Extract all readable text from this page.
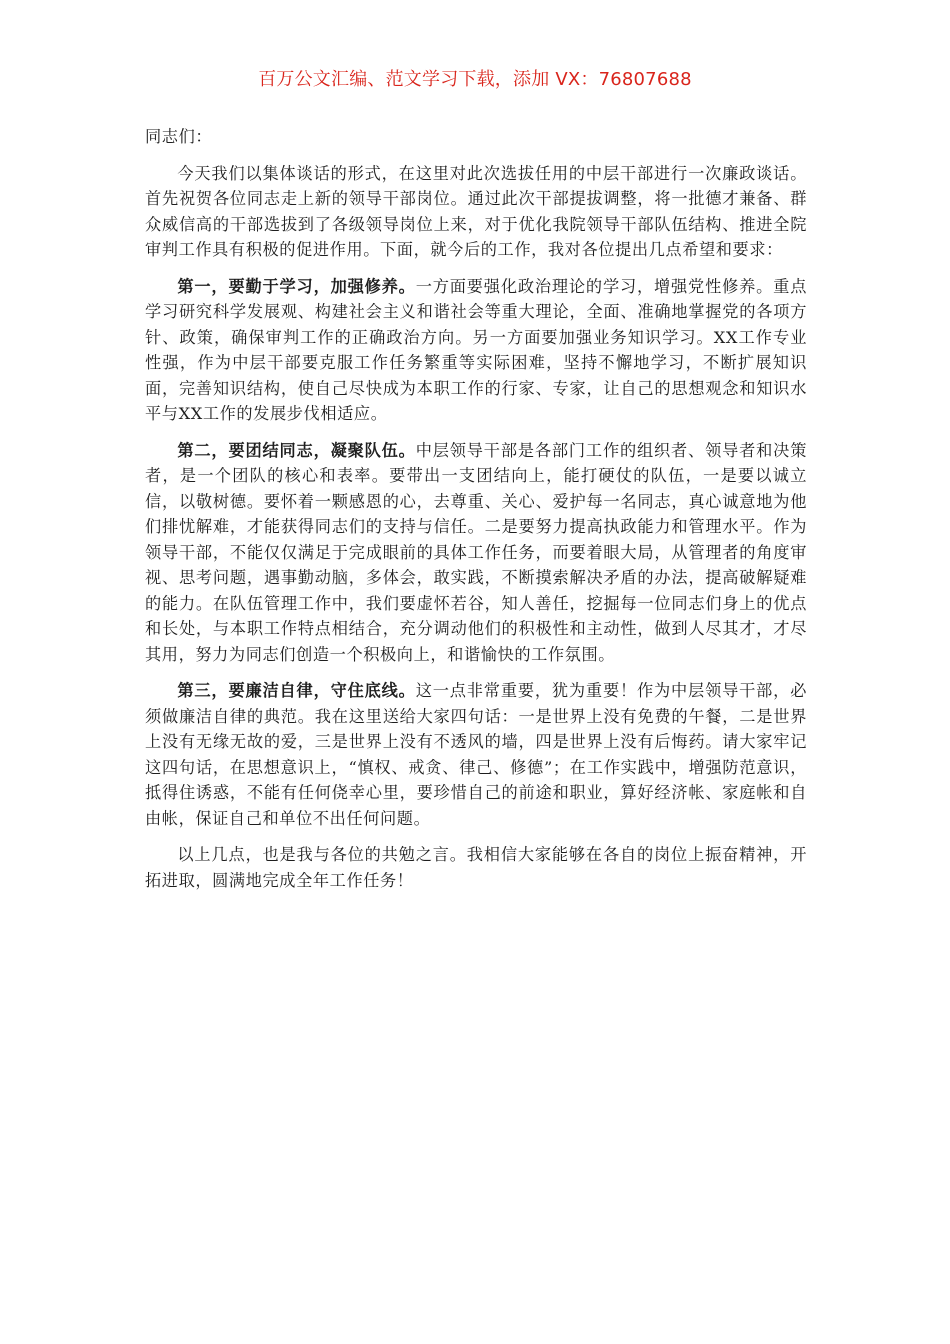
百万公文汇编、范文学习下载，添加 VX：76807688

同志们：

今天我们以集体谈话的形式，在这里对此次选拔任用的中层干部进行一次廉政谈话。首先祝贺各位同志走上新的领导干部岗位。通过此次干部提拔调整，将一批德才兼备、群众威信高的干部选拔到了各级领导岗位上来，对于优化我院领导干部队伍结构、推进全院审判工作具有积极的促进作用。下面，就今后的工作，我对各位提出几点希望和要求：

第一，要勤于学习，加强修养。一方面要强化政治理论的学习，增强党性修养。重点学习研究科学发展观、构建社会主义和谐社会等重大理论，全面、准确地掌握党的各项方针、政策，确保审判工作的正确政治方向。另一方面要加强业务知识学习。XX工作专业性强，作为中层干部要克服工作任务繁重等实际困难，坚持不懈地学习，不断扩展知识面，完善知识结构，使自己尽快成为本职工作的行家、专家，让自己的思想观念和知识水平与XX工作的发展步伐相适应。

第二，要团结同志，凝聚队伍。中层领导干部是各部门工作的组织者、领导者和决策者，是一个团队的核心和表率。要带出一支团结向上，能打硬仗的队伍，一是要以诚立信，以敬树德。要怀着一颗感恩的心，去尊重、关心、爱护每一名同志，真心诚意地为他们排忧解难，才能获得同志们的支持与信任。二是要努力提高执政能力和管理水平。作为领导干部，不能仅仅满足于完成眼前的具体工作任务，而要着眼大局，从管理者的角度审视、思考问题，遇事勤动脑，多体会，敢实践，不断摸索解决矛盾的办法，提高破解疑难的能力。在队伍管理工作中，我们要虚怀若谷，知人善任，挖掘每一位同志们身上的优点和长处，与本职工作特点相结合，充分调动他们的积极性和主动性，做到人尽其才，才尽其用，努力为同志们创造一个积极向上，和谐愉快的工作氛围。

第三，要廉洁自律，守住底线。这一点非常重要，犹为重要！作为中层领导干部，必须做廉洁自律的典范。我在这里送给大家四句话：一是世界上没有免费的午餐，二是世界上没有无缘无故的爱，三是世界上没有不透风的墙，四是世界上没有后悔药。请大家牢记这四句话，在思想意识上，“慎权、戒贪、律己、修德”；在工作实践中，增强防范意识，抵得住诱惑，不能有任何侥幸心里，要珍惜自己的前途和职业，算好经济帐、家庭帐和自由帐，保证自己和单位不出任何问题。

以上几点，也是我与各位的共勉之言。我相信大家能够在各自的岗位上振奋精神，开拓进取，圆满地完成全年工作任务！
